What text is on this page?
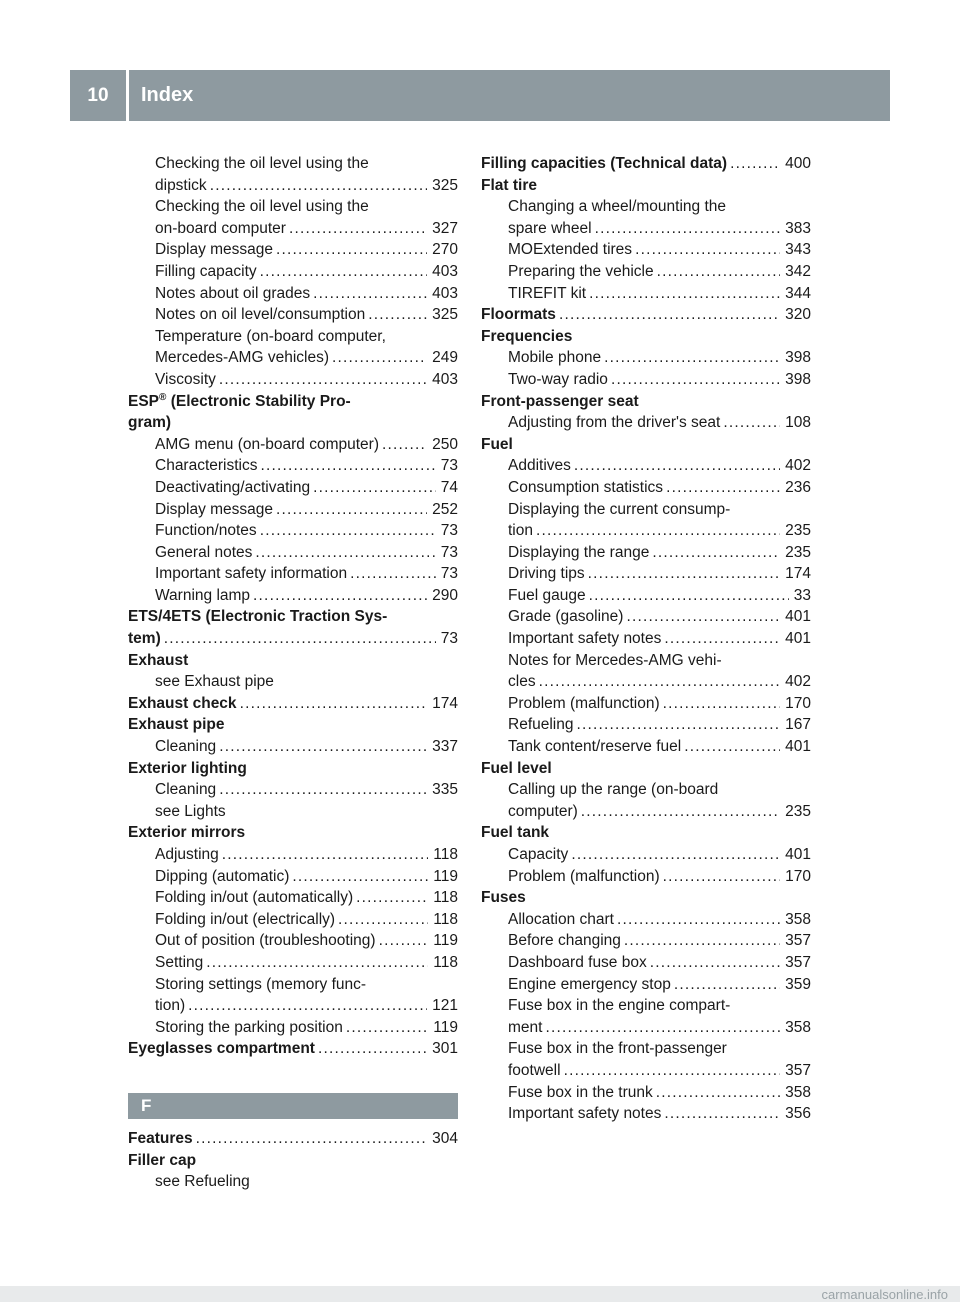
10	Index
Checking the oil level using the
dipstick .....	325
Checking the oil level using the
on-board computer .....	327
Display message .....	270
Filling capacity .....	403
Notes about oil grades .....	403
Notes on oil level/consumption .....	325
Temperature (on-board computer,
Mercedes-AMG vehicles) .....	249
Viscosity .....	403
ESP® (Electronic Stability Pro-
gram)
AMG menu (on-board computer) .....	250
Characteristics .....	73
Deactivating/activating .....	74
Display message .....	252
Function/notes .....	73
General notes .....	73
Important safety information .....	73
Warning lamp .....	290
ETS/4ETS (Electronic Traction Sys-
tem) .....	73
Exhaust
see Exhaust pipe
Exhaust check .....	174
Exhaust pipe
Cleaning .....	337
Exterior lighting
Cleaning .....	335
see Lights
Exterior mirrors
Adjusting .....	118
Dipping (automatic) .....	119
Folding in/out (automatically) .....	118
Folding in/out (electrically) .....	118
Out of position (troubleshooting) .....	119
Setting .....	118
Storing settings (memory func-
tion) .....	121
Storing the parking position .....	119
Eyeglasses compartment .....	301
F
Features .....	304
Filler cap
see Refueling
Filling capacities (Technical data) .....	400
Flat tire
Changing a wheel/mounting the
spare wheel .....	383
MOExtended tires .....	343
Preparing the vehicle .....	342
TIREFIT kit .....	344
Floormats .....	320
Frequencies
Mobile phone .....	398
Two-way radio .....	398
Front-passenger seat
Adjusting from the driver's seat .....	108
Fuel
Additives .....	402
Consumption statistics .....	236
Displaying the current consump-
tion .....	235
Displaying the range .....	235
Driving tips .....	174
Fuel gauge .....	33
Grade (gasoline) .....	401
Important safety notes .....	401
Notes for Mercedes-AMG vehi-
cles .....	402
Problem (malfunction) .....	170
Refueling .....	167
Tank content/reserve fuel .....	401
Fuel level
Calling up the range (on-board
computer) .....	235
Fuel tank
Capacity .....	401
Problem (malfunction) .....	170
Fuses
Allocation chart .....	358
Before changing .....	357
Dashboard fuse box .....	357
Engine emergency stop .....	359
Fuse box in the engine compart-
ment .....	358
Fuse box in the front-passenger
footwell .....	357
Fuse box in the trunk .....	358
Important safety notes .....	356
carmanualsonline.info
